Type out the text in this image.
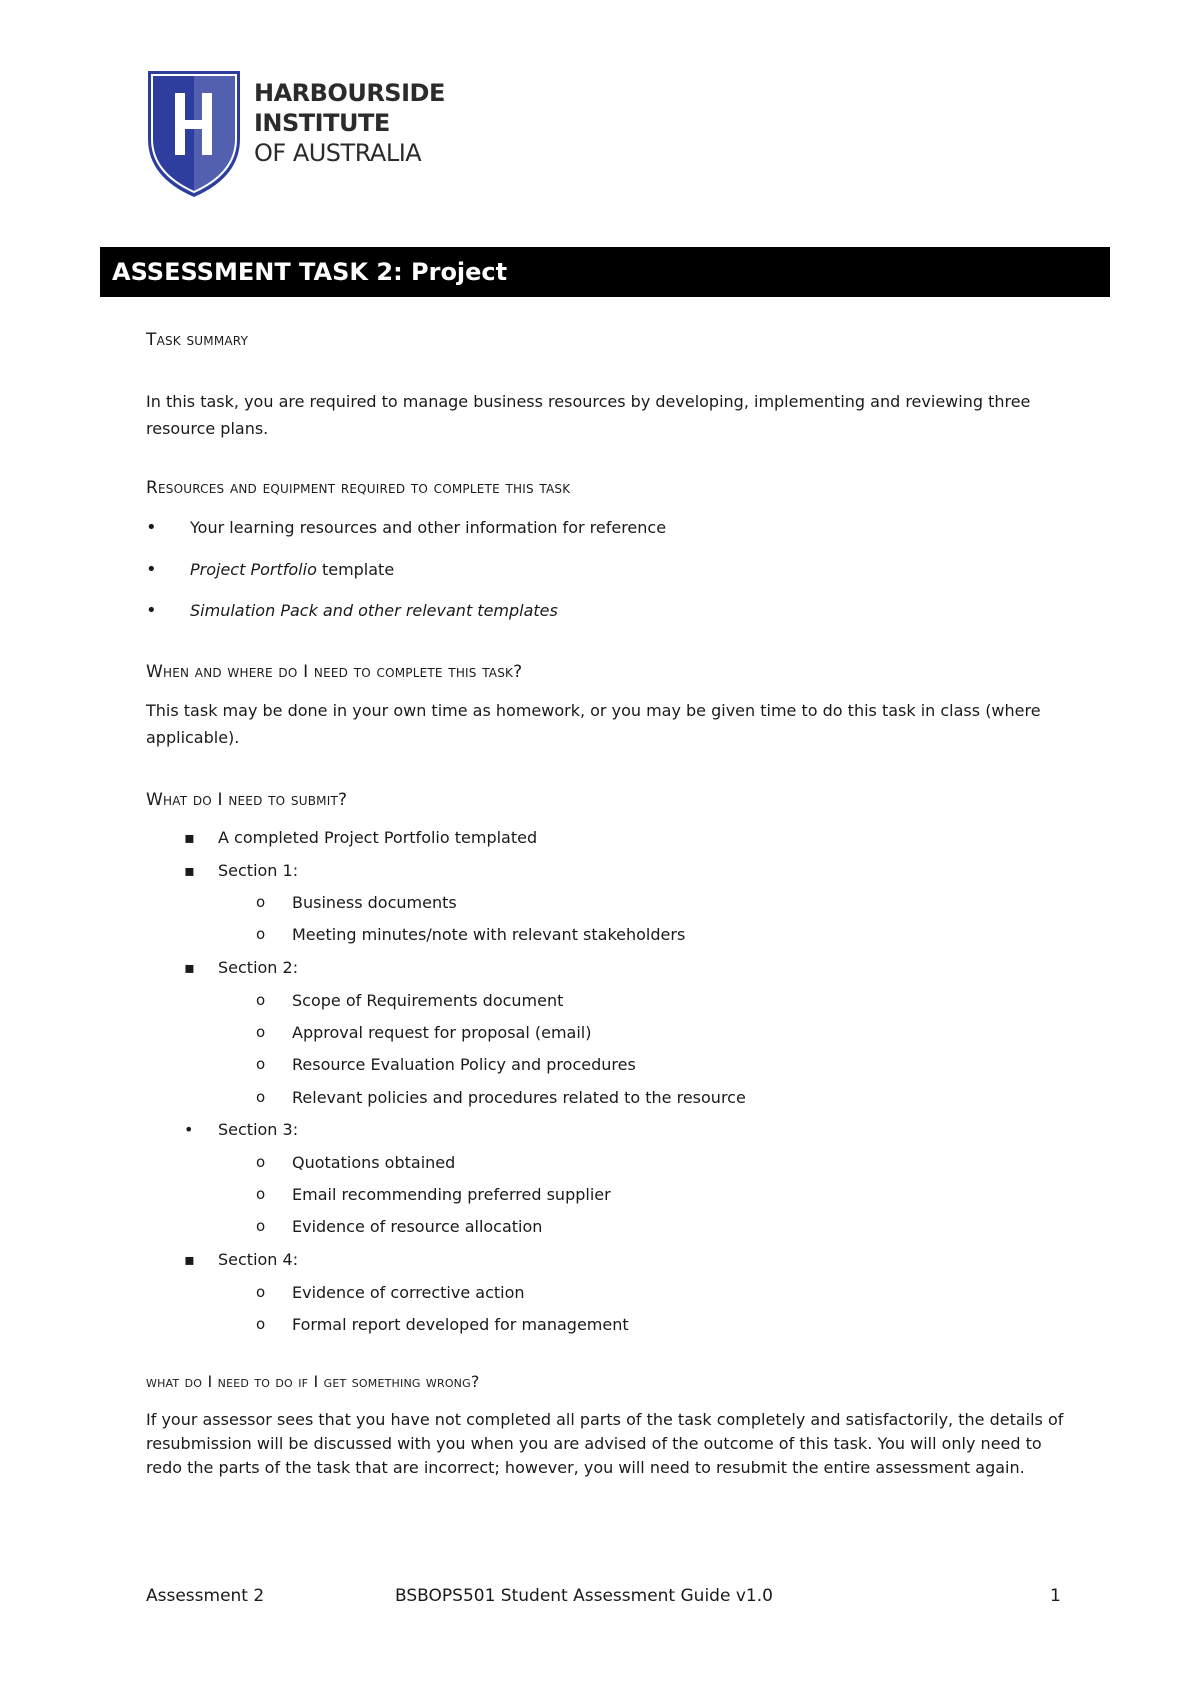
HARBOURSIDE
INSTITUTE
OF AUSTRALIA
ASSESSMENT TASK 2: Project
Task summary
In this task, you are required to manage business resources by developing, implementing and reviewing three resource plans.
Resources and equipment required to complete this task
• Your learning resources and other information for reference
• Project Portfolio template
• Simulation Pack and other relevant templates
When and where do I need to complete this task?
This task may be done in your own time as homework, or you may be given time to do this task in class (where applicable).
What do I need to submit?
▪ A completed Project Portfolio templated
▪ Section 1:
o Business documents
o Meeting minutes/note with relevant stakeholders
▪ Section 2:
o Scope of Requirements document
o Approval request for proposal (email)
o Resource Evaluation Policy and procedures
o Relevant policies and procedures related to the resource
• Section 3:
o Quotations obtained
o Email recommending preferred supplier
o Evidence of resource allocation
▪ Section 4:
o Evidence of corrective action
o Formal report developed for management
what do I need to do if I get something wrong?
If your assessor sees that you have not completed all parts of the task completely and satisfactorily, the details of resubmission will be discussed with you when you are advised of the outcome of this task. You will only need to redo the parts of the task that are incorrect; however, you will need to resubmit the entire assessment again.
Assessment 2	BSBOPS501 Student Assessment Guide v1.0	1
